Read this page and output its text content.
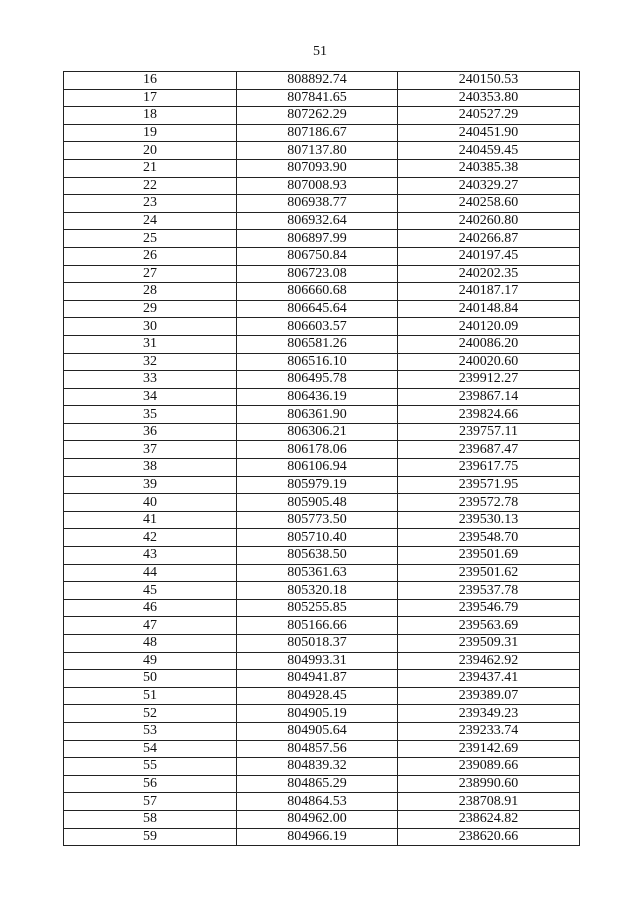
51
16	808892.74	240150.53
17	807841.65	240353.80
18	807262.29	240527.29
19	807186.67	240451.90
20	807137.80	240459.45
21	807093.90	240385.38
22	807008.93	240329.27
23	806938.77	240258.60
24	806932.64	240260.80
25	806897.99	240266.87
26	806750.84	240197.45
27	806723.08	240202.35
28	806660.68	240187.17
29	806645.64	240148.84
30	806603.57	240120.09
31	806581.26	240086.20
32	806516.10	240020.60
33	806495.78	239912.27
34	806436.19	239867.14
35	806361.90	239824.66
36	806306.21	239757.11
37	806178.06	239687.47
38	806106.94	239617.75
39	805979.19	239571.95
40	805905.48	239572.78
41	805773.50	239530.13
42	805710.40	239548.70
43	805638.50	239501.69
44	805361.63	239501.62
45	805320.18	239537.78
46	805255.85	239546.79
47	805166.66	239563.69
48	805018.37	239509.31
49	804993.31	239462.92
50	804941.87	239437.41
51	804928.45	239389.07
52	804905.19	239349.23
53	804905.64	239233.74
54	804857.56	239142.69
55	804839.32	239089.66
56	804865.29	238990.60
57	804864.53	238708.91
58	804962.00	238624.82
59	804966.19	238620.66
